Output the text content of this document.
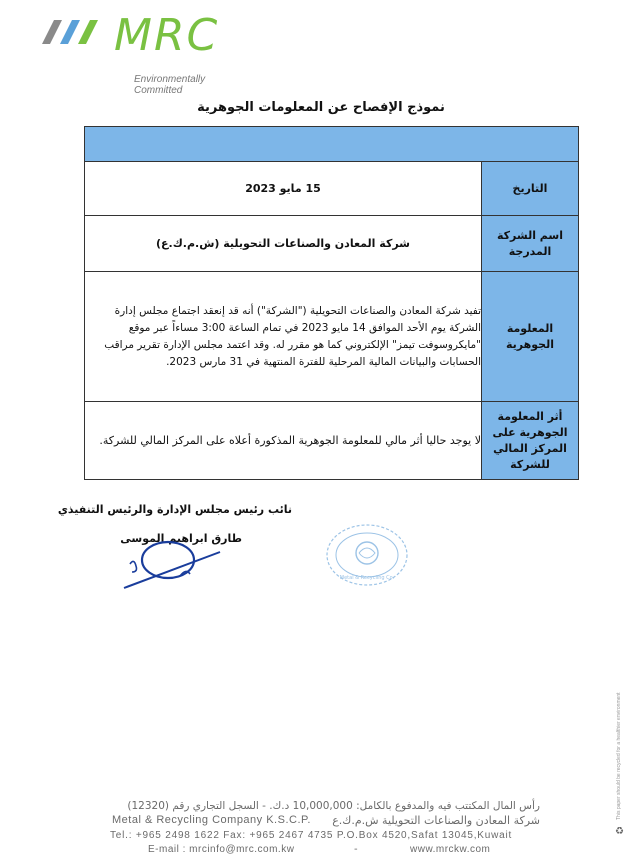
MRC
Environmentally Committed
نموذج الإفصاح عن المعلومات الجوهرية

التاريخ	15 مايو 2023
اسم الشركة المدرجة	شركة المعادن والصناعات التحويلية (ش.م.ك.ع)
المعلومة الجوهرية	تفيد شركة المعادن والصناعات التحويلية ("الشركة") أنه قد إنعقد اجتماع مجلس إدارة الشركة يوم الأحد الموافق 14 مايو 2023 في تمام الساعة 3:00 مساءاً عبر موقع "مايكروسوفت تيمز" الإلكتروني كما هو مقرر له. وقد اعتمد مجلس الإدارة تقرير مراقب الحسابات والبيانات المالية المرحلية للفترة المنتهية في 31 مارس 2023.
أثر المعلومة الجوهرية على المركز المالي للشركة	لا يوجد حاليا أثر مالي للمعلومة الجوهرية المذكورة أعلاه على المركز المالي للشركة.
نائب رئيس مجلس الإدارة والرئيس التنفيذي
طارق ابراهيم الموسى
Metal & Recycling Co.
This paper should be recycled for a healthier environment
♻
رأس المال المكتتب فيه والمدفوع بالكامل: 10,000,000 د.ك. - السجل التجاري رقم (12320)
شركة المعادن والصناعات التحويلية ش.م.ك.ع
Metal & Recycling Company K.S.C.P.
Tel.: +965 2498 1622 Fax: +965 2467 4735 P.O.Box 4520,Safat 13045,Kuwait
E-mail : mrcinfo@mrc.com.kw	-	www.mrckw.com
